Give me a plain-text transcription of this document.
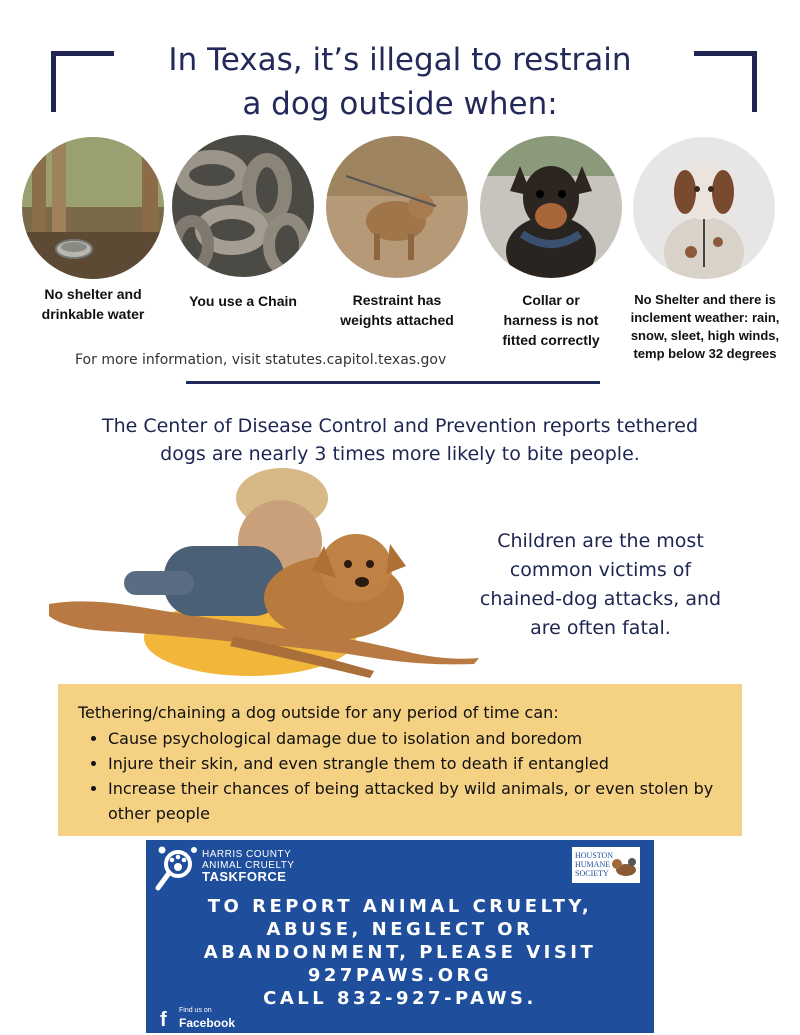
In Texas, it’s illegal to restrain
a dog outside when:
No shelter and
drinkable water
You use a Chain	Restraint has
weights attached
Collar or
harness is not
fitted correctly
No Shelter and there is
inclement weather: rain,
snow, sleet, high winds,
temp below 32 degrees
For more information, visit statutes.capitol.texas.gov
The Center of Disease Control and Prevention reports tethered
dogs are nearly 3 times more likely to bite people.
Children are the most
common victims of
chained-dog attacks, and
are often fatal.
Tethering/chaining a dog outside for any period of time can:
• Cause psychological damage due to isolation and boredom
• Injure their skin, and even strangle them to death if entangled
• Increase their chances of being attacked by wild animals, or even stolen by other people
HARRIS COUNTY
ANIMAL CRUELTY
TASKFORCE
HOUSTON
HUMANE
SOCIETY
TO REPORT ANIMAL CRUELTY,
ABUSE, NEGLECT OR
ABANDONMENT, PLEASE VISIT
927PAWS.ORG
CALL 832-927-PAWS.
f Find us on
Facebook
